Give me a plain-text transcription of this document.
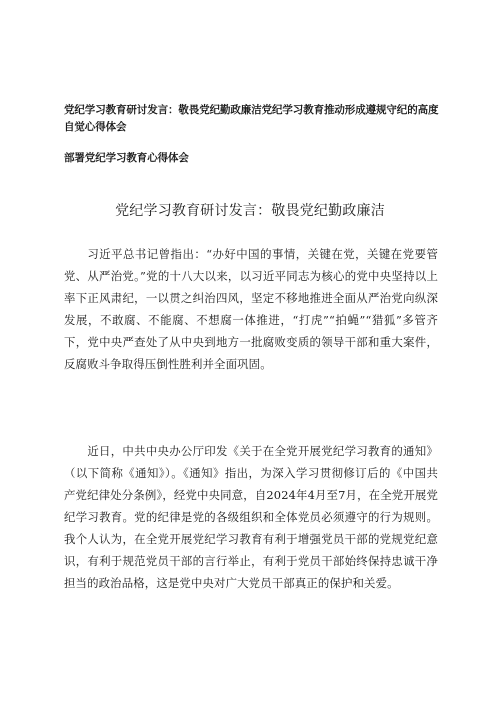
党纪学习教育研讨发言：敬畏党纪勤政廉洁党纪学习教育推动形成遵规守纪的高度自觉心得体会
部署党纪学习教育心得体会
党纪学习教育研讨发言：敬畏党纪勤政廉洁

习近平总书记曾指出：“办好中国的事情，关键在党，关键在党要管党、从严治党。”党的十八大以来，以习近平同志为核心的党中央坚持以上率下正风肃纪，一以贯之纠治四风，坚定不移地推进全面从严治党向纵深发展，不敢腐、不能腐、不想腐一体推进，“打虎”“拍蝇”“猎狐”多管齐下，党中央严查处了从中央到地方一批腐败变质的领导干部和重大案件，反腐败斗争取得压倒性胜利并全面巩固。

近日，中共中央办公厅印发《关于在全党开展党纪学习教育的通知》（以下简称《通知》）。《通知》指出，为深入学习贯彻修订后的《中国共产党纪律处分条例》，经党中央同意，自2024年4月至7月，在全党开展党纪学习教育。党的纪律是党的各级组织和全体党员必须遵守的行为规则。我个人认为，在全党开展党纪学习教育有利于增强党员干部的党规党纪意识，有利于规范党员干部的言行举止，有利于党员干部始终保持忠诚干净担当的政治品格，这是党中央对广大党员干部真正的保护和关爱。
